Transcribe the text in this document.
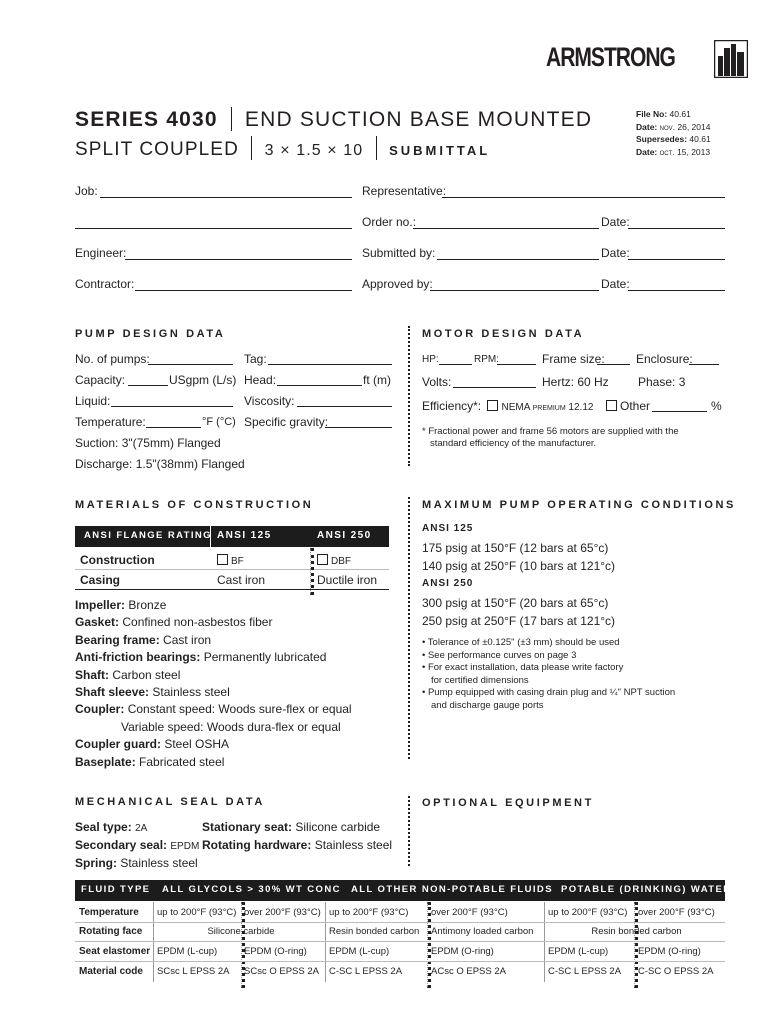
ARMSTRONG
SERIES 4030 END SUCTION BASE MOUNTED
SPLIT COUPLED 3 × 1.5 × 10 SUBMITTAL
File No: 40.61
Date: nov. 26, 2014
Supersedes: 40.61
Date: oct. 15, 2013
Job:	Representative:
Order no.:	Date:
Engineer:	Submitted by:	Date:
Contractor:	Approved by:	Date:
PUMP DESIGN DATA
No. of pumps:	Tag:
Capacity:	USgpm (L/s) Head:	ft (m)
Liquid:	Viscosity:
Temperature:	°F (°C) Specific gravity:
Suction: 3"(75mm) Flanged
Discharge: 1.5"(38mm) Flanged
MOTOR DESIGN DATA
HP:	RPM:	Frame size:	Enclosure:
Volts:	Hertz: 60 Hz Phase: 3
Efficiency*: NEMA premium 12.12	Other	%
* Fractional power and frame 56 motors are supplied with the
standard efficiency of the manufacturer.
MATERIALS OF CONSTRUCTION
ANSI FLANGE RATING ANSI 125	ANSI 250
Construction	BF	DBF
Casing	Cast iron	Ductile iron
Impeller: Bronze
Gasket: Confined non-asbestos fiber
Bearing frame: Cast iron
Anti-friction bearings: Permanently lubricated
Shaft: Carbon steel
Shaft sleeve: Stainless steel
Coupler: Constant speed: Woods sure-flex or equal
Variable speed: Woods dura-flex or equal
Coupler guard: Steel OSHA
Baseplate: Fabricated steel
MAXIMUM PUMP OPERATING CONDITIONS
ANSI 125
175 psig at 150°F (12 bars at 65°c)
140 psig at 250°F (10 bars at 121°c)
ANSI 250
300 psig at 150°F (20 bars at 65°c)
250 psig at 250°F (17 bars at 121°c)
• Tolerance of ±0.125" (±3 mm) should be used
• See performance curves on page 3
• For exact installation, data please write factory
for certified dimensions
• Pump equipped with casing drain plug and ¼" NPT suction
and discharge gauge ports
MECHANICAL SEAL DATA
Seal type: 2A	Stationary seat: Silicone carbide
Secondary seal: EPDM Rotating hardware: Stainless steel
Spring: Stainless steel
OPTIONAL EQUIPMENT
FLUID TYPE ALL GLYCOLS > 30% WT CONC ALL OTHER NON-POTABLE FLUIDS POTABLE (DRINKING) WATER
Temperature up to 200°F (93°C) over 200°F (93°C) up to 200°F (93°C) over 200°F (93°C)	up to 200°F (93°C) over 200°F (93°C)
Rotating face	Silicone carbide	Resin bonded carbon Antimony loaded carbon	Resin bonded carbon
Seat elastomer EPDM (L-cup)	EPDM (O-ring) EPDM (L-cup)	EPDM (O-ring)	EPDM (L-cup)	EPDM (O-ring)
Material code SCsc L EPSS 2A SCsc O EPSS 2A C-SC L EPSS 2A	ACsc O EPSS 2A	C-SC L EPSS 2A C-SC O EPSS 2A
